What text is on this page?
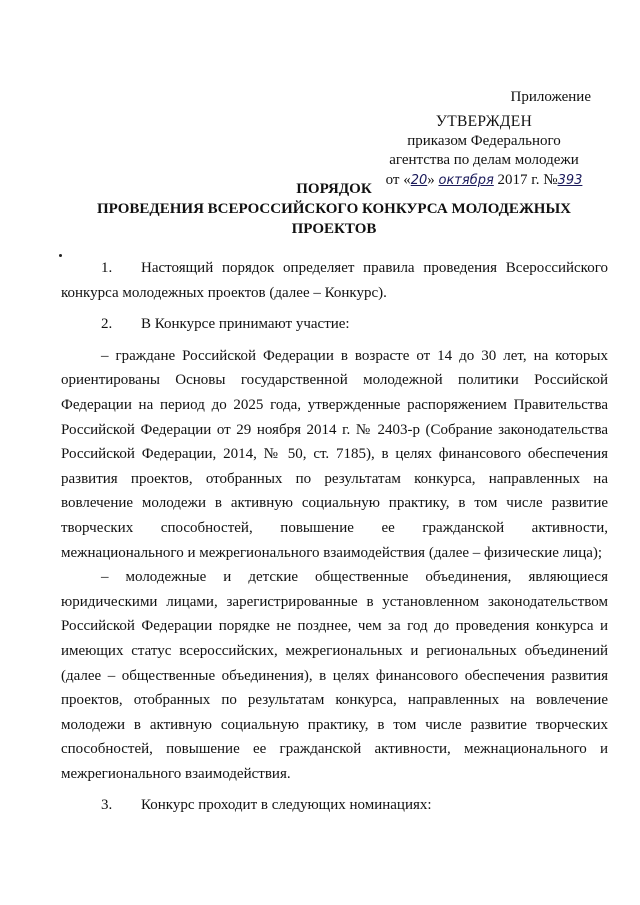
Приложение
УТВЕРЖДЕН
приказом Федерального
агентства по делам молодежи
от «20» октября 2017 г. №393
ПОРЯДОК
ПРОВЕДЕНИЯ ВСЕРОССИЙСКОГО КОНКУРСА МОЛОДЕЖНЫХ
ПРОЕКТОВ

1. Настоящий порядок определяет правила проведения Всероссийского конкурса молодежных проектов (далее – Конкурс).

2. В Конкурсе принимают участие:

– граждане Российской Федерации в возрасте от 14 до 30 лет, на которых ориентированы Основы государственной молодежной политики Российской Федерации на период до 2025 года, утвержденные распоряжением Правительства Российской Федерации от 29 ноября 2014 г. № 2403-р (Собрание законодательства Российской Федерации, 2014, № 50, ст. 7185), в целях финансового обеспечения развития проектов, отобранных по результатам конкурса, направленных на вовлечение молодежи в активную социальную практику, в том числе развитие творческих способностей, повышение ее гражданской активности, межнационального и межрегионального взаимодействия (далее – физические лица);

– молодежные и детские общественные объединения, являющиеся юридическими лицами, зарегистрированные в установленном законодательством Российской Федерации порядке не позднее, чем за год до проведения конкурса и имеющих статус всероссийских, межрегиональных и региональных объединений (далее – общественные объединения), в целях финансового обеспечения развития проектов, отобранных по результатам конкурса, направленных на вовлечение молодежи в активную социальную практику, в том числе развитие творческих способностей, повышение ее гражданской активности, межнационального и межрегионального взаимодействия.

3. Конкурс проходит в следующих номинациях:
